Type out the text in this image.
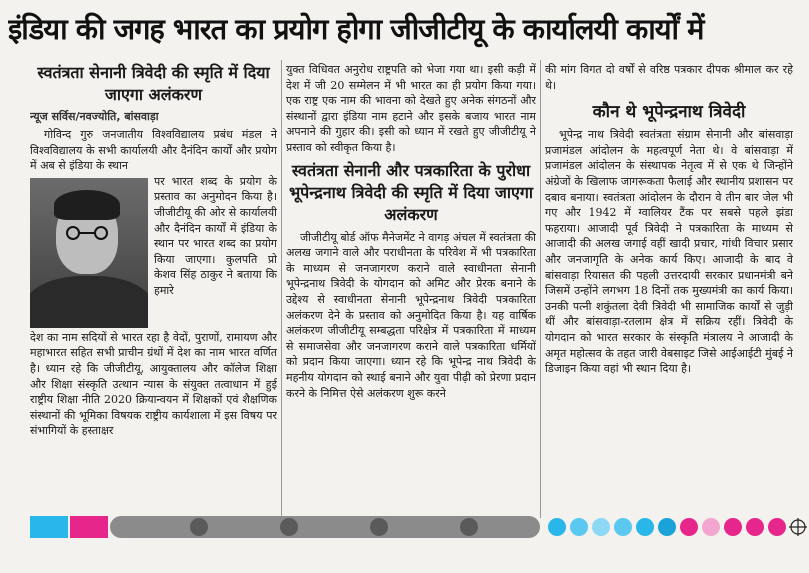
इंडिया की जगह भारत का प्रयोग होगा जीजीटीयू के कार्यालयी कार्यों में
स्वतंत्रता सेनानी त्रिवेदी की स्मृति में दिया जाएगा अलंकरण
न्यूज सर्विस/नवज्योति, बांसवाड़ा

गोविन्द गुरु जनजातीय विश्वविद्यालय प्रबंध मंडल ने विश्वविद्यालय के सभी कार्यालयी और दैनंदिन कार्यों और प्रयोग में अब से इंडिया के स्थान

पर भारत शब्द के प्रयोग के प्रस्ताव का अनुमोदन किया है। जीजीटीयू की ओर से कार्यालयी और दैनंदिन कार्यों में इंडिया के स्थान पर भारत शब्द का प्रयोग किया जाएगा। कुलपति प्रो केशव सिंह ठाकुर ने बताया कि हमारे

देश का नाम सदियों से भारत रहा है वेदों, पुराणों, रामायण और महाभारत सहित सभी प्राचीन ग्रंथों में देश का नाम भारत वर्णित है। ध्यान रहे कि जीजीटीयू, आयुक्तालय और कॉलेज शिक्षा और शिक्षा संस्कृति उत्थान न्यास के संयुक्त तत्वाधान में हुई राष्ट्रीय शिक्षा नीति 2020 क्रियान्वयन में शिक्षकों एवं शैक्षणिक संस्थानों की भूमिका विषयक राष्ट्रीय कार्यशाला में इस विषय पर संभागियों के हस्ताक्षर

युक्त विधिवत अनुरोध राष्ट्रपति को भेजा गया था। इसी कड़ी में देश में जी 20 सम्मेलन में भी भारत का ही प्रयोग किया गया। एक राष्ट्र एक नाम की भावना को देखते हुए अनेक संगठनों और संस्थानों द्वारा इंडिया नाम हटाने और इसके बजाय भारत नाम अपनाने की गुहार की। इसी को ध्यान में रखते हुए जीजीटीयू ने प्रस्ताव को स्वीकृत किया है।

स्वतंत्रता सेनानी और पत्रकारिता के पुरोधा भूपेन्द्रनाथ त्रिवेदी की स्मृति में दिया जाएगा अलंकरण

जीजीटीयू बोर्ड ऑफ मैनेजमेंट ने वागड़ अंचल में स्वतंत्रता की अलख जगाने वाले और पराधीनता के परिवेश में भी पत्रकारिता के माध्यम से जनजागरण कराने वाले स्वाधीनता सेनानी भूपेन्द्रनाथ त्रिवेदी के योगदान को अमिट और प्रेरक बनाने के उद्देश्य से स्वाधीनता सेनानी भूपेन्द्रनाथ त्रिवेदी पत्रकारिता अलंकरण देने के प्रस्ताव को अनुमोदित किया है। यह वार्षिक अलंकरण जीजीटीयू सम्बद्धता परिक्षेत्र में पत्रकारिता में माध्यम से समाजसेवा और जनजागरण कराने वाले पत्रकारिता धर्मियों को प्रदान किया जाएगा। ध्यान रहे कि भूपेन्द्र नाथ त्रिवेदी के महनीय योगदान को स्थाई बनाने और युवा पीढ़ी को प्रेरणा प्रदान करने के निमित्त ऐसे अलंकरण शुरू करने

की मांग विगत दो वर्षों से वरिष्ठ पत्रकार दीपक श्रीमाल कर रहे थे।

कौन थे भूपेन्द्रनाथ त्रिवेदी

भूपेन्द्र नाथ त्रिवेदी स्वतंत्रता संग्राम सेनानी और बांसवाड़ा प्रजामंडल आंदोलन के महत्वपूर्ण नेता थे। वे बांसवाड़ा में प्रजामंडल आंदोलन के संस्थापक नेतृत्व में से एक थे जिन्होंने अंग्रेजों के खिलाफ जागरूकता फैलाई और स्थानीय प्रशासन पर दबाव बनाया। स्वतंत्रता आंदोलन के दौरान वे तीन बार जेल भी गए और 1942 में ग्वालियर टैंक पर सबसे पहले झंडा फहराया। आजादी पूर्व त्रिवेदी ने पत्रकारिता के माध्यम से आजादी की अलख जगाई वहीं खादी प्रचार, गांधी विचार प्रसार और जनजागृति के अनेक कार्य किए। आजादी के बाद वे बांसवाड़ा रियासत की पहली उत्तरदायी सरकार प्रधानमंत्री बने जिसमें उन्होंने लगभग 18 दिनों तक मुख्यमंत्री का कार्य किया। उनकी पत्नी शकुंतला देवी त्रिवेदी भी सामाजिक कार्यों से जुड़ी थीं और बांसवाड़ा-रतलाम क्षेत्र में सक्रिय रहीं। त्रिवेदी के योगदान को भारत सरकार के संस्कृति मंत्रालय ने आजादी के अमृत महोत्सव के तहत जारी वेबसाइट जिसे आईआईटी मुंबई ने डिजाइन किया वहां भी स्थान दिया है।
